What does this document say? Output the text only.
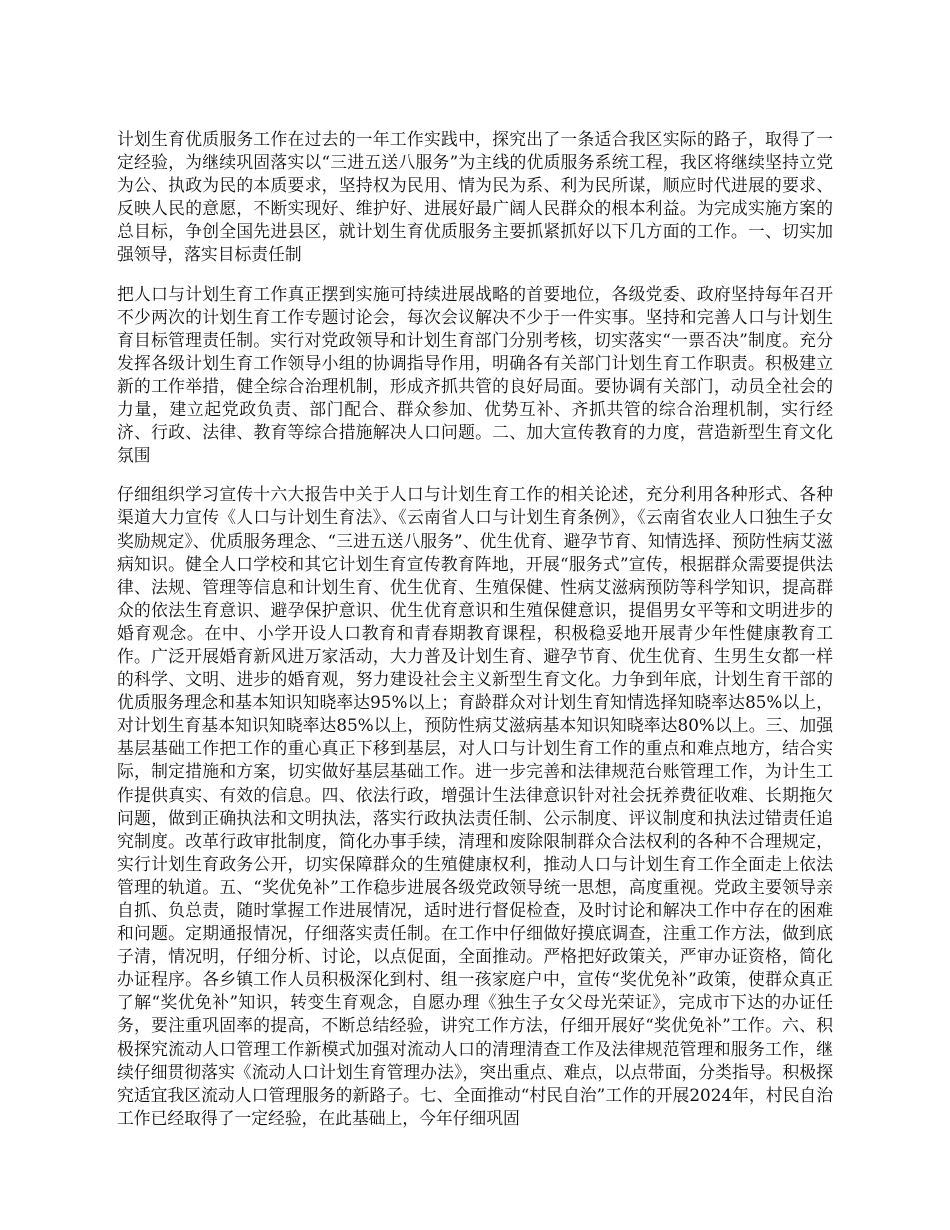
计划生育优质服务工作在过去的一年工作实践中，探究出了一条适合我区实际的路子，取得了一定经验，为继续巩固落实以“三进五送八服务”为主线的优质服务系统工程，我区将继续坚持立党为公、执政为民的本质要求，坚持权为民用、情为民为系、利为民所谋，顺应时代进展的要求、反映人民的意愿，不断实现好、维护好、进展好最广阔人民群众的根本利益。为完成实施方案的总目标，争创全国先进县区，就计划生育优质服务主要抓紧抓好以下几方面的工作。一、切实加强领导，落实目标责任制

把人口与计划生育工作真正摆到实施可持续进展战略的首要地位，各级党委、政府坚持每年召开不少两次的计划生育工作专题讨论会，每次会议解决不少于一件实事。坚持和完善人口与计划生育目标管理责任制。实行对党政领导和计划生育部门分别考核，切实落实“一票否决”制度。充分发挥各级计划生育工作领导小组的协调指导作用，明确各有关部门计划生育工作职责。积极建立新的工作举措，健全综合治理机制，形成齐抓共管的良好局面。要协调有关部门，动员全社会的力量，建立起党政负责、部门配合、群众参加、优势互补、齐抓共管的综合治理机制，实行经济、行政、法律、教育等综合措施解决人口问题。二、加大宣传教育的力度，营造新型生育文化氛围

仔细组织学习宣传十六大报告中关于人口与计划生育工作的相关论述，充分利用各种形式、各种渠道大力宣传《人口与计划生育法》、《云南省人口与计划生育条例》，《云南省农业人口独生子女奖励规定》、优质服务理念、“三进五送八服务”、优生优育、避孕节育、知情选择、预防性病艾滋病知识。健全人口学校和其它计划生育宣传教育阵地，开展“服务式”宣传，根据群众需要提供法律、法规、管理等信息和计划生育、优生优育、生殖保健、性病艾滋病预防等科学知识，提高群众的依法生育意识、避孕保护意识、优生优育意识和生殖保健意识，提倡男女平等和文明进步的婚育观念。在中、小学开设人口教育和青春期教育课程，积极稳妥地开展青少年性健康教育工作。广泛开展婚育新风进万家活动，大力普及计划生育、避孕节育、优生优育、生男生女都一样的科学、文明、进步的婚育观，努力建设社会主义新型生育文化。力争到年底，计划生育干部的优质服务理念和基本知识知晓率达95%以上；育龄群众对计划生育知情选择知晓率达85%以上，对计划生育基本知识知晓率达85%以上，预防性病艾滋病基本知识知晓率达80%以上。三、加强基层基础工作把工作的重心真正下移到基层，对人口与计划生育工作的重点和难点地方，结合实际，制定措施和方案，切实做好基层基础工作。进一步完善和法律规范台账管理工作，为计生工作提供真实、有效的信息。四、依法行政，增强计生法律意识针对社会抚养费征收难、长期拖欠问题，做到正确执法和文明执法，落实行政执法责任制、公示制度、评议制度和执法过错责任追究制度。改革行政审批制度，简化办事手续，清理和废除限制群众合法权利的各种不合理规定，实行计划生育政务公开，切实保障群众的生殖健康权利，推动人口与计划生育工作全面走上依法管理的轨道。五、“奖优免补”工作稳步进展各级党政领导统一思想，高度重视。党政主要领导亲自抓、负总责，随时掌握工作进展情况，适时进行督促检查，及时讨论和解决工作中存在的困难和问题。定期通报情况，仔细落实责任制。在工作中仔细做好摸底调查，注重工作方法，做到底子清，情况明，仔细分析、讨论，以点促面，全面推动。严格把好政策关，严审办证资格，简化办证程序。各乡镇工作人员积极深化到村、组一孩家庭户中，宣传“奖优免补”政策，使群众真正了解“奖优免补”知识，转变生育观念，自愿办理《独生子女父母光荣证》，完成市下达的办证任务，要注重巩固率的提高，不断总结经验，讲究工作方法，仔细开展好“奖优免补”工作。六、积极探究流动人口管理工作新模式加强对流动人口的清理清查工作及法律规范管理和服务工作，继续仔细贯彻落实《流动人口计划生育管理办法》，突出重点、难点，以点带面，分类指导。积极探究适宜我区流动人口管理服务的新路子。七、全面推动“村民自治”工作的开展2024年，村民自治工作已经取得了一定经验，在此基础上，今年仔细巩固
